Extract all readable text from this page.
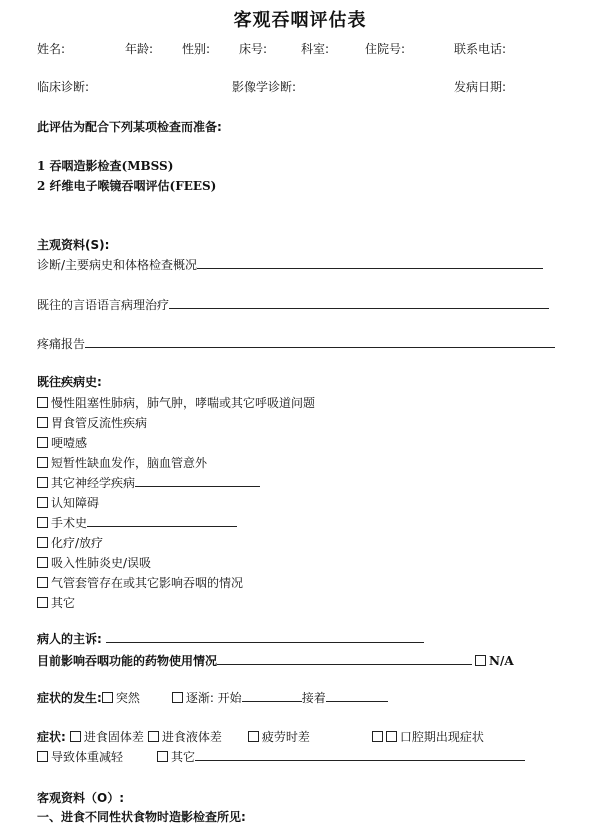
客观吞咽评估表
姓名:	年龄: 性别: 床号:	科室:	住院号:	联系电话:
临床诊断:	影像学诊断:	发病日期:
此评估为配合下列某项检查而准备:
1 吞咽造影检查(MBSS)
2 纤维电子喉镜吞咽评估(FEES)
主观资料(S):
诊断/主要病史和体格检查概况
既往的言语语言病理治疗
疼痛报告
既往疾病史:
慢性阻塞性肺病，肺气肿，哮喘或其它呼吸道问题
胃食管反流性疾病
哽噎感
短暂性缺血发作，脑血管意外
其它神经学疾病
认知障碍
手术史
化疗/放疗
吸入性肺炎史/误吸
气管套管存在或其它影响吞咽的情况
其它
病人的主诉:
目前影响吞咽功能的药物使用情况	N/A
症状的发生: 突然	逐渐: 开始	接着
症状: 进食固体差 进食液体差	疲劳时差	口腔期出现症状
导致体重减轻	其它
客观资料（O）:
一、进食不同性状食物时造影检查所见:
